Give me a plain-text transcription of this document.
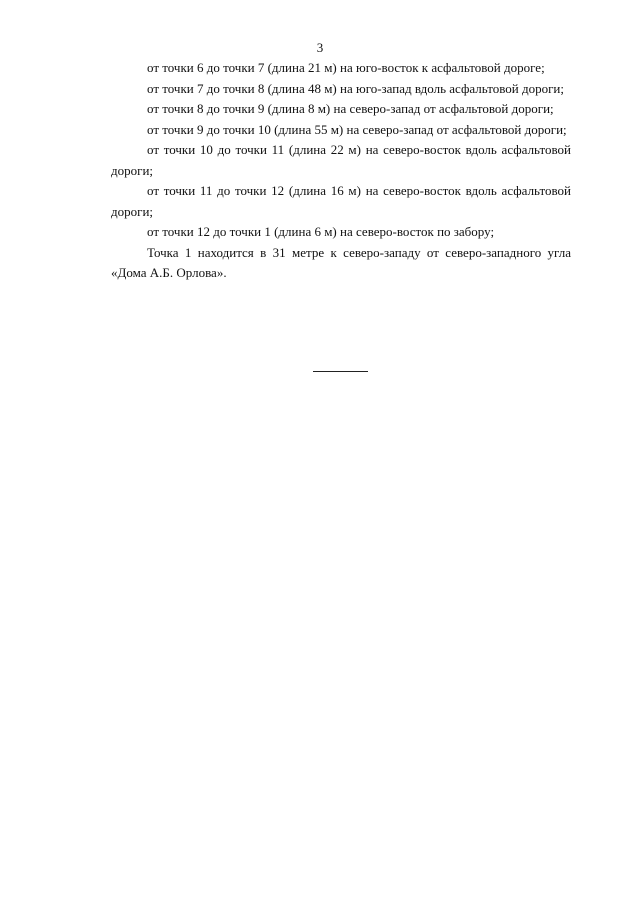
3

от точки 6 до точки 7 (длина 21 м) на юго-восток к асфальтовой дороге;

от точки 7 до точки 8 (длина 48 м) на юго-запад вдоль асфальтовой дороги;

от точки 8 до точки 9 (длина 8 м) на северо-запад от асфальтовой дороги;

от точки 9 до точки 10 (длина 55 м) на северо-запад от асфальтовой дороги;

от точки 10 до точки 11 (длина 22 м) на северо-восток вдоль асфальтовой дороги;

от точки 11 до точки 12 (длина 16 м) на северо-восток вдоль асфальтовой дороги;

от точки 12 до точки 1 (длина 6 м) на северо-восток по забору;

Точка 1 находится в 31 метре к северо-западу от северо-западного угла «Дома А.Б. Орлова».
